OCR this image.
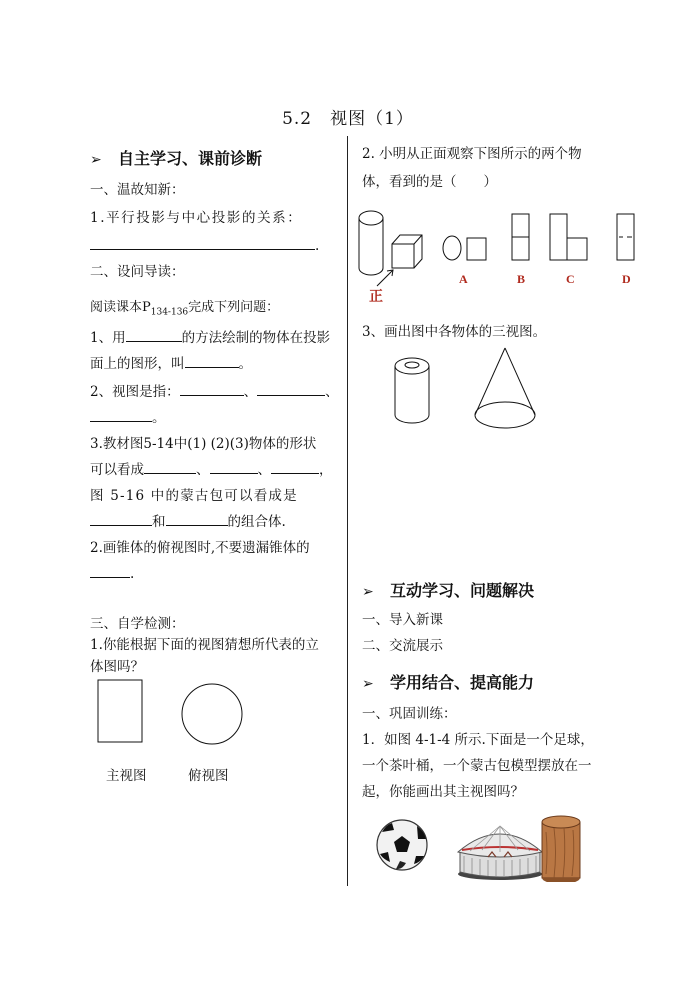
5.2　视图（1）
➢ 自主学习、课前诊断
一、温故知新：
1.平行投影与中心投影的关系：
.
二、设问导读：
阅读课本$P_{134-136}$完成下列问题：
1、用	的方法绘制的物体在投影
面上的图形，叫	。
2、视图是指：	、	、
。
3.教材图5-14中(1) (2)(3)物体的形状
可以看成	、	、	，
图 5-16 中的蒙古包可以看成是
和	的组合体.
2.画锥体的俯视图时,不要遗漏锥体的
.
三、自学检测：
1.你能根据下面的视图猜想所代表的立
体图吗？
主视图	俯视图
2. 小明从正面观察下图所示的两个物
体，看到的是（　　）
正
A	B	C	D
3、画出图中各物体的三视图。
➢ 互动学习、问题解决
一、导入新课
二、交流展示
➢ 学用结合、提高能力
一、巩固训练：
1．如图 4-1-4 所示.下面是一个足球，
一个茶叶桶，一个蒙古包模型摆放在一
起，你能画出其主视图吗？
